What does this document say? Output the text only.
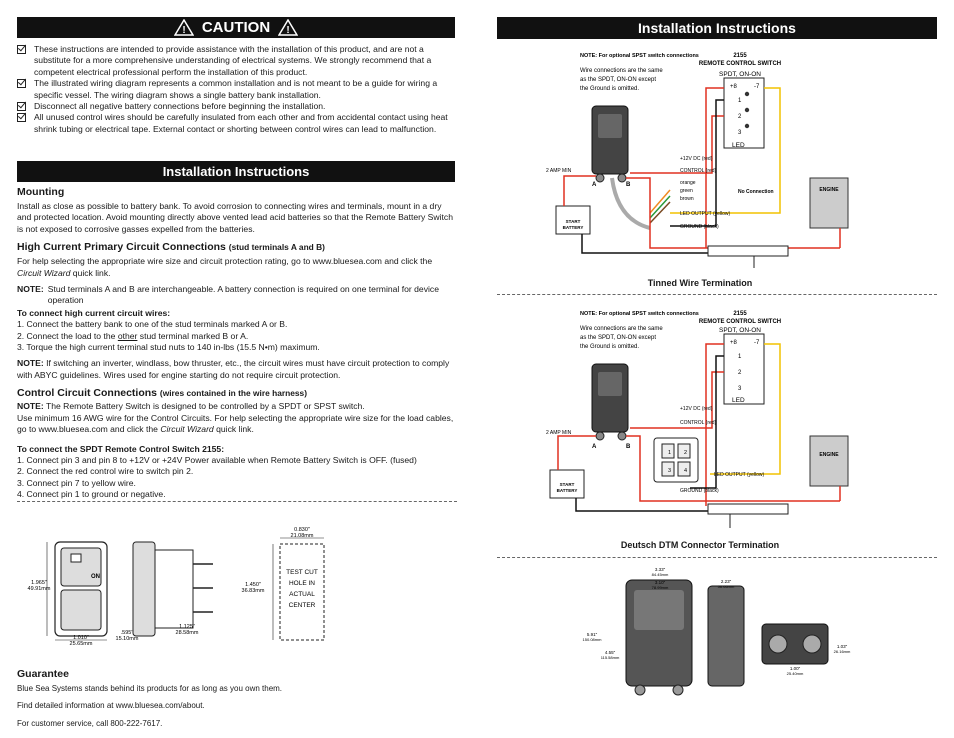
! CAUTION !
These instructions are intended to provide assistance with the installation of this product, and are not a substitute for a more comprehensive understanding of electrical systems. We strongly recommend that a competent electrical professional perform the installation of this product.
The illustrated wiring diagram represents a common installation and is not meant to be a guide for wiring a specific vessel. The wiring diagram shows a single battery bank installation.
Disconnect all negative battery connections before beginning the installation.
All unused control wires should be carefully insulated from each other and from accidental contact using heat shrink tubing or electrical tape. External contact or shorting between control wires can lead to malfunction.
Installation Instructions
Mounting
Install as close as possible to battery bank. To avoid corrosion to connecting wires and terminals, mount in a dry and protected location. Avoid mounting directly above vented lead acid batteries so that the Remote Battery Switch is not exposed to corrosive gasses expelled from the batteries.
High Current Primary Circuit Connections (stud terminals A and B)
For help selecting the appropriate wire size and circuit protection rating, go to www.bluesea.com and click the Circuit Wizard quick link.
NOTE: Stud terminals A and B are interchangeable. A battery connection is required on one terminal for device operation
To connect high current circuit wires:
1. Connect the battery bank to one of the stud terminals marked A or B.
2. Connect the load to the other stud terminal marked B or A.
3. Torque the high current terminal stud nuts to 140 in-lbs (15.5 N•m) maximum.
NOTE: If switching an inverter, windlass, bow thruster, etc., the circuit wires must have circuit protection to comply with ABYC guidelines. Wires used for engine starting do not require circuit protection.
Control Circuit Connections (wires contained in the wire harness)
NOTE: The Remote Battery Switch is designed to be controlled by a SPDT or SPST switch.
Use minimum 16 AWG wire for the Control Circuits. For help selecting the appropriate wire size for the load cables, go to www.bluesea.com and click the Circuit Wizard quick link.
To connect the SPDT Remote Control Switch 2155:
1. Connect pin 3 and pin 8 to +12V or +24V Power available when Remote Battery Switch is OFF. (fused)
2. Connect the red control wire to switch pin 2.
3. Connect pin 7 to yellow wire.
4. Connect pin 1 to ground or negative.
ON
1.965"
49.91mm
1.010"
25.65mm
.595"
15.10mm
1.125"
28.58mm
0.830"
21.08mm
1.450"
36.83mm
TEST CUT
HOLE IN
ACTUAL
CENTER
Guarantee
Blue Sea Systems stands behind its products for as long as you own them.
Find detailed information at www.bluesea.com/about.
For customer service, call 800-222-7617.
Installation Instructions
NOTE: For optional SPST switch connections
Wire connections are the same
as the SPDT, ON-ON except
the Ground is omitted.
2155
REMOTE CONTROL SWITCH
SPDT, ON-ON
+8	-7
1
2
3
LED
+12V DC (red)
CONTROL (red)
A	B
2 AMP MIN
orange
green
brown
No Connection
LED OUTPUT (yellow)
GROUND (black)
START
BATTERY
ENGINE
Tinned Wire Termination
NOTE: For optional SPST switch connections
Wire connections are the same
as the SPDT, ON-ON except
the Ground is omitted.
2155
REMOTE CONTROL SWITCH
SPDT, ON-ON
+8	-7
1
2
3
LED
+12V DC (red)
CONTROL (red)
A	B
2 AMP MIN
2
1
3 4
LED OUTPUT (yellow)
GROUND (black)
START
BATTERY
ENGINE
Deutsch DTM Connector Termination
3.33"
84.45mm
3.10"
78.99mm
5.91"
150.08mm
4.55"
115.58mm
2.23"
56.66mm
1.03"
26.16mm
1.00"
25.40mm
